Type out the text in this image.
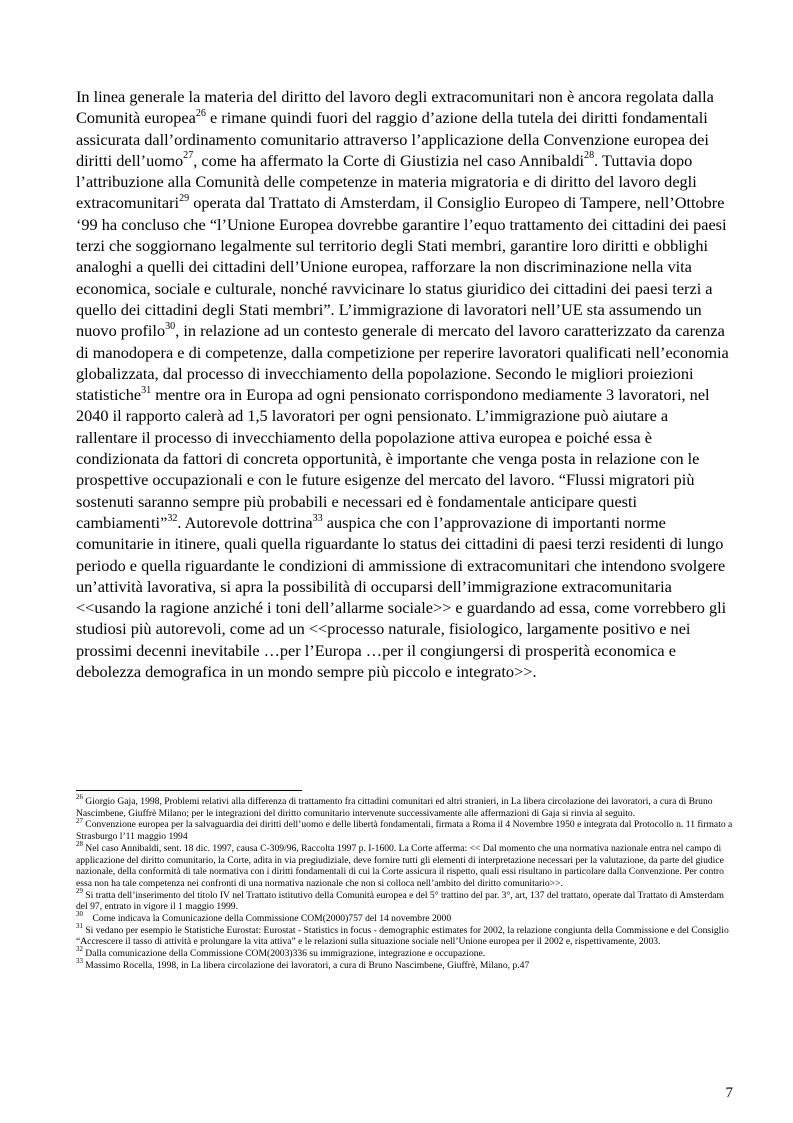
In linea generale la materia del diritto del lavoro degli extracomunitari non è ancora regolata dalla Comunità europea$^{26}$ e rimane quindi fuori del raggio d’azione della tutela dei diritti fondamentali assicurata dall’ordinamento comunitario attraverso l’applicazione della Convenzione europea dei diritti dell’uomo$^{27}$, come ha affermato la Corte di Giustizia nel caso Annibaldi$^{28}$. Tuttavia dopo l’attribuzione alla Comunità delle competenze in materia migratoria e di diritto del lavoro degli extracomunitari$^{29}$ operata dal Trattato di Amsterdam, il Consiglio Europeo di Tampere, nell’Ottobre ‘99 ha concluso che “l’Unione Europea dovrebbe garantire l’equo trattamento dei cittadini dei paesi terzi che soggiornano legalmente sul territorio degli Stati membri, garantire loro diritti e obblighi analoghi a quelli dei cittadini dell’Unione europea, rafforzare la non discriminazione nella vita economica, sociale e culturale, nonché ravvicinare lo status giuridico dei cittadini dei paesi terzi a quello dei cittadini degli Stati membri”. L’immigrazione di lavoratori nell’UE sta assumendo un nuovo profilo$^{30}$, in relazione ad un contesto generale di mercato del lavoro caratterizzato da carenza di manodopera e di competenze, dalla competizione per reperire lavoratori qualificati nell’economia globalizzata, dal processo di invecchiamento della popolazione. Secondo le migliori proiezioni statistiche$^{31}$ mentre ora in Europa ad ogni pensionato corrispondono mediamente 3 lavoratori, nel 2040 il rapporto calerà ad 1,5 lavoratori per ogni pensionato. L’immigrazione può aiutare a rallentare il processo di invecchiamento della popolazione attiva europea e poiché essa è condizionata da fattori di concreta opportunità, è importante che venga posta in relazione con le prospettive occupazionali e con le future esigenze del mercato del lavoro. “Flussi migratori più sostenuti saranno sempre più probabili e necessari ed è fondamentale anticipare questi cambiamenti”$^{32}$. Autorevole dottrina$^{33}$ auspica che con l’approvazione di importanti norme comunitarie in itinere, quali quella riguardante lo status dei cittadini di paesi terzi residenti di lungo periodo e quella riguardante le condizioni di ammissione di extracomunitari che intendono svolgere un’attività lavorativa, si apra la possibilità di occuparsi dell’immigrazione extracomunitaria <<usando la ragione anziché i toni dell’allarme sociale>> e guardando ad essa, come vorrebbero gli studiosi più autorevoli, come ad un <<processo naturale, fisiologico, largamente positivo e nei prossimi decenni inevitabile …per l’Europa …per il congiungersi di prosperità economica e debolezza demografica in un mondo sempre più piccolo e integrato>>.

$^{26}$ Giorgio Gaja, 1998, Problemi relativi alla differenza di trattamento fra cittadini comunitari ed altri stranieri, in La libera circolazione dei lavoratori, a cura di Bruno Nascimbene, Giuffrè Milano; per le integrazioni del diritto comunitario intervenute successivamente alle affermazioni di Gaja si rinvia al seguito.

$^{27}$ Convenzione europea per la salvaguardia dei diritti dell’uomo e delle libertà fondamentali, firmata a Roma il 4 Novembre 1950 e integrata dal Protocollo n. 11 firmato a Strasburgo l’11 maggio 1994

$^{28}$ Nel caso Annibaldi, sent. 18 dic. 1997, causa C-309/96, Raccolta 1997 p. I-1600. La Corte afferma: << Dal momento che una normativa nazionale entra nel campo di applicazione del diritto comunitario, la Corte, adita in via pregiudiziale, deve fornire tutti gli elementi di interpretazione necessari per la valutazione, da parte del giudice nazionale, della conformità di tale normativa con i diritti fondamentali di cui la Corte assicura il rispetto, quali essi risultano in particolare dalla Convenzione. Per contro essa non ha tale competenza nei confronti di una normativa nazionale che non si colloca nell’ambito del diritto comunitario>>.

$^{29}$ Si tratta dell’inserimento del titolo IV nel Trattato istitutivo della Comunità europea e del 5° trattino del par. 3°, art, 137 del trattato, operate dal Trattato di Amsterdam del 97, entrato in vigore il 1 maggio 1999.

$^{30}$    Come indicava la Comunicazione della Commissione COM(2000)757 del 14 novembre 2000

$^{31}$ Si vedano per esempio le Statistiche Eurostat: Eurostat - Statistics in focus - demographic estimates for 2002, la relazione congiunta della Commissione e del Consiglio “Accrescere il tasso di attività e prolungare la vita attiva” e le relazioni sulla situazione sociale nell’Unione europea per il 2002 e, rispettivamente, 2003.

$^{32}$ Dalla comunicazione della Commissione COM(2003)336 su immigrazione, integrazione e occupazione.

$^{33}$ Massimo Rocella, 1998, in La libera circolazione dei lavoratori, a cura di Bruno Nascimbene, Giuffrè, Milano, p.47

7
